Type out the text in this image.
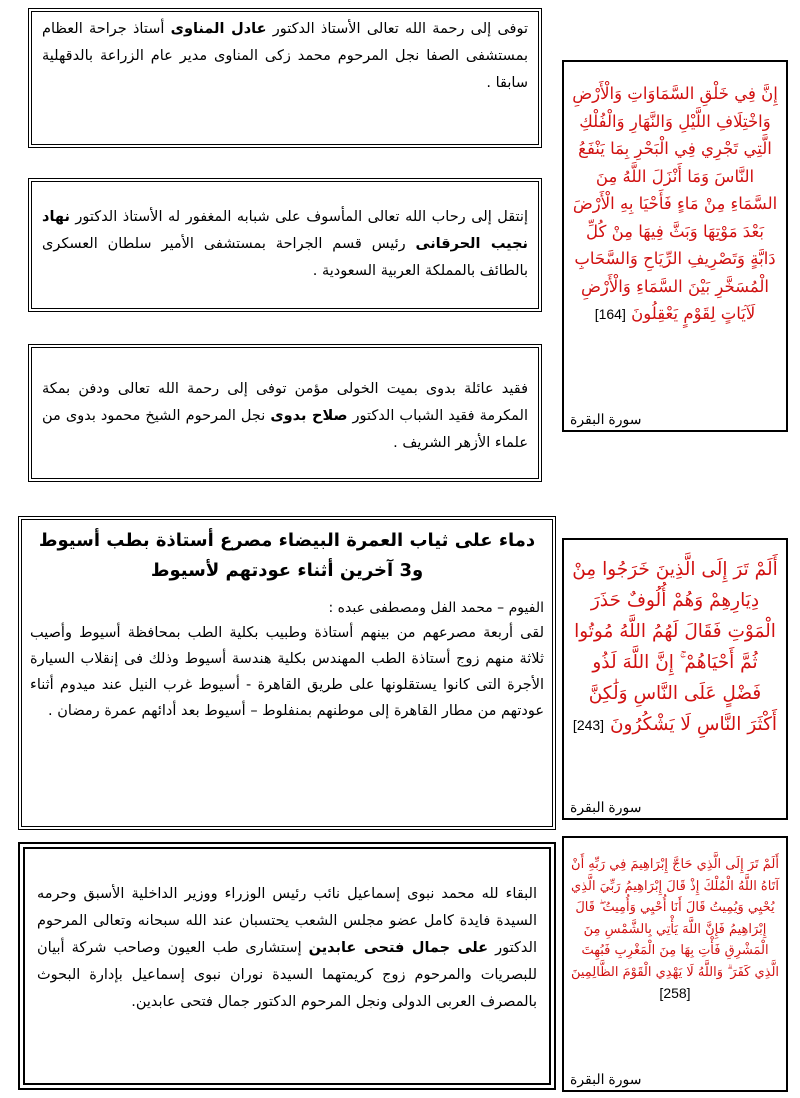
توفى إلى رحمة الله تعالى الأستاذ الدكتور عادل المناوى أستاذ جراحة العظام بمستشفى الصفا نجل المرحوم محمد زكى المناوى مدير عام الزراعة بالدقهلية سابقا .
إنتقل إلى رحاب الله تعالى المأسوف على شبابه المغفور له الأستاذ الدكتور نهاد نجيب الحرقانى رئيس قسم الجراحة بمستشفى الأمير سلطان العسكرى بالطائف بالمملكة العربية السعودية .
فقيد عائلة بدوى بميت الخولى مؤمن توفى إلى رحمة الله تعالى ودفن بمكة المكرمة فقيد الشباب الدكتور صلاح بدوى نجل المرحوم الشيخ محمود بدوى من علماء الأزهر الشريف .
إِنَّ فِي خَلْقِ السَّمَاوَاتِ وَالْأَرْضِ وَاخْتِلَافِ اللَّيْلِ وَالنَّهَارِ وَالْفُلْكِ الَّتِي تَجْرِي فِي الْبَحْرِ بِمَا يَنْفَعُ النَّاسَ وَمَا أَنْزَلَ اللَّهُ مِنَ السَّمَاءِ مِنْ مَاءٍ فَأَحْيَا بِهِ الْأَرْضَ بَعْدَ مَوْتِهَا وَبَثَّ فِيهَا مِنْ كُلِّ دَابَّةٍ وَتَصْرِيفِ الرِّيَاحِ وَالسَّحَابِ الْمُسَخَّرِ بَيْنَ السَّمَاءِ وَالْأَرْضِ لَآيَاتٍ لِقَوْمٍ يَعْقِلُونَ [164]
سورة البقرة
دماء على ثياب العمرة البيضاء مصرع أستاذة بطب أسيوط و3 آخرين أثناء عودتهم لأسيوط
الفيوم – محمد الفل ومصطفى عبده :
لقى أربعة مصرعهم من بينهم أستاذة وطبيب بكلية الطب بمحافظة أسيوط وأصيب ثلاثة منهم زوج أستاذة الطب المهندس بكلية هندسة أسيوط وذلك فى إنقلاب السيارة الأجرة التى كانوا يستقلونها على طريق القاهرة - أسيوط غرب النيل عند ميدوم أثناء عودتهم من مطار القاهرة إلى موطنهم بمنفلوط – أسيوط بعد أدائهم عمرة رمضان .
أَلَمْ تَرَ إِلَى الَّذِينَ خَرَجُوا مِنْ دِيَارِهِمْ وَهُمْ أُلُوفٌ حَذَرَ الْمَوْتِ فَقَالَ لَهُمُ اللَّهُ مُوتُوا ثُمَّ أَحْيَاهُمْ ۚ إِنَّ اللَّهَ لَذُو فَضْلٍ عَلَى النَّاسِ وَلَٰكِنَّ أَكْثَرَ النَّاسِ لَا يَشْكُرُونَ [243]
سورة البقرة
البقاء لله محمد نبوى إسماعيل نائب رئيس الوزراء ووزير الداخلية الأسبق وحرمه السيدة فايدة كامل عضو مجلس الشعب يحتسبان عند الله سبحانه وتعالى المرحوم الدكتور على جمال فتحى عابدين إستشارى طب العيون وصاحب شركة أبيان للبصريات والمرحوم زوج كريمتهما السيدة نوران نبوى إسماعيل بإدارة البحوث بالمصرف العربى الدولى ونجل المرحوم الدكتور جمال فتحى عابدين.
أَلَمْ تَرَ إِلَى الَّذِي حَاجَّ إِبْرَاهِيمَ فِي رَبِّهِ أَنْ آتَاهُ اللَّهُ الْمُلْكَ إِذْ قَالَ إِبْرَاهِيمُ رَبِّيَ الَّذِي يُحْيِي وَيُمِيتُ قَالَ أَنَا أُحْيِي وَأُمِيتُ ۖ قَالَ إِبْرَاهِيمُ فَإِنَّ اللَّهَ يَأْتِي بِالشَّمْسِ مِنَ الْمَشْرِقِ فَأْتِ بِهَا مِنَ الْمَغْرِبِ فَبُهِتَ الَّذِي كَفَرَ ۗ وَاللَّهُ لَا يَهْدِي الْقَوْمَ الظَّالِمِينَ [258]
سورة البقرة
